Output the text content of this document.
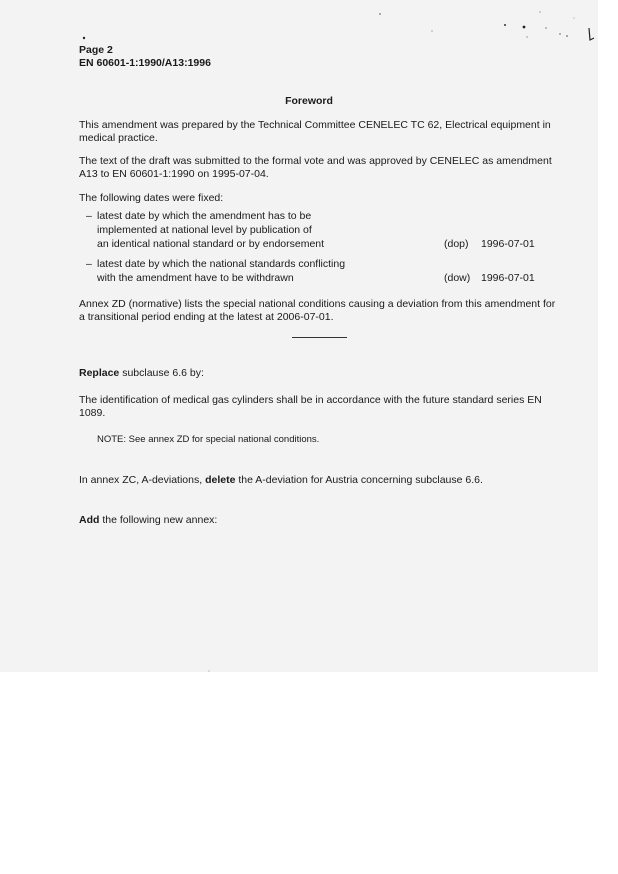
Page 2
EN 60601-1:1990/A13:1996
Foreword
This amendment was prepared by the Technical Committee CENELEC TC 62, Electrical equipment in medical practice.
The text of the draft was submitted to the formal vote and was approved by CENELEC as amendment A13 to EN 60601-1:1990 on 1995-07-04.
The following dates were fixed:
– latest date by which the amendment has to be
implemented at national level by publication of
an identical national standard or by endorsement	(dop) 1996-07-01
– latest date by which the national standards conflicting
with the amendment have to be withdrawn	(dow) 1996-07-01
Annex ZD (normative) lists the special national conditions causing a deviation from this amendment for a transitional period ending at the latest at 2006-07-01.
Replace subclause 6.6 by:
The identification of medical gas cylinders shall be in accordance with the future standard series EN 1089.
NOTE: See annex ZD for special national conditions.
In annex ZC, A-deviations, delete the A-deviation for Austria concerning subclause 6.6.
Add the following new annex:
